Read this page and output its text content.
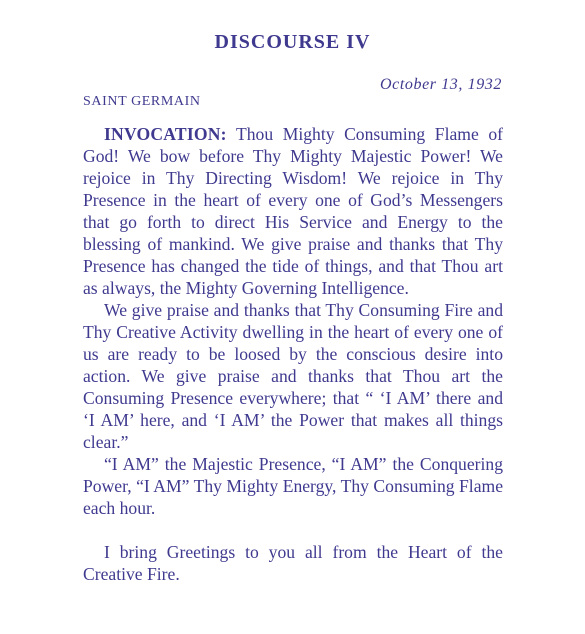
DISCOURSE IV
October 13, 1932
SAINT GERMAIN

INVOCATION: Thou Mighty Consuming Flame of God! We bow before Thy Mighty Majestic Power! We rejoice in Thy Directing Wisdom! We rejoice in Thy Presence in the heart of every one of God’s Messengers that go forth to direct His Service and Energy to the blessing of mankind. We give praise and thanks that Thy Presence has changed the tide of things, and that Thou art as always, the Mighty Governing Intelligence.

We give praise and thanks that Thy Consuming Fire and Thy Creative Activity dwelling in the heart of every one of us are ready to be loosed by the conscious desire into action. We give praise and thanks that Thou art the Consuming Presence everywhere; that “ ‘I AM’ there and ‘I AM’ here, and ‘I AM’ the Power that makes all things clear.”

“I AM” the Majestic Presence, “I AM” the Conquering Power, “I AM” Thy Mighty Energy, Thy Consuming Flame each hour.

I bring Greetings to you all from the Heart of the Creative Fire.
